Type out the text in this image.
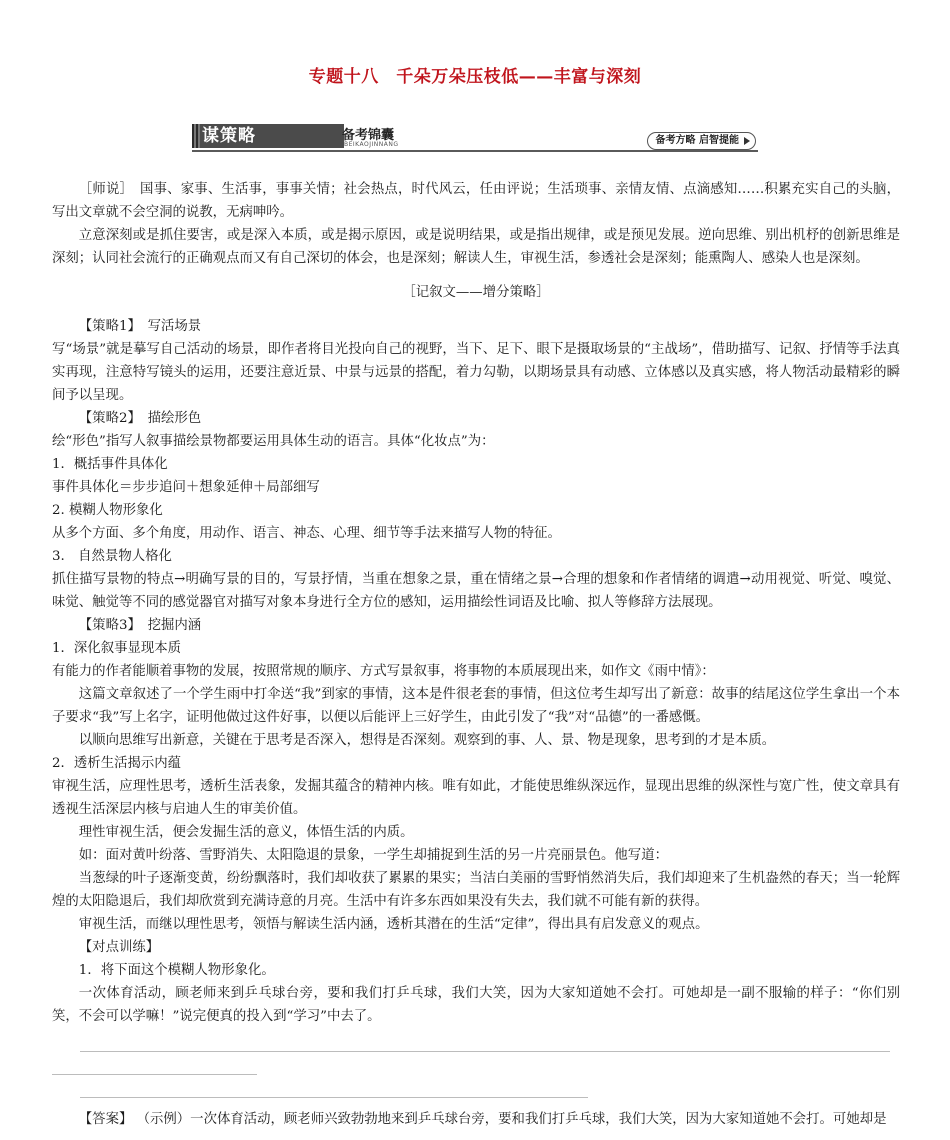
专题十八　千朵万朵压枝低——丰富与深刻
谋策略	备考锦囊
BEIKAOJINNANG	备考方略 启智提能

［师说］　国事、家事、生活事，事事关情；社会热点，时代风云，任由评说；生活琐事、亲情友情、点滴感知……积累充实自己的头脑，写出文章就不会空洞的说教，无病呻吟。

立意深刻或是抓住要害，或是深入本质，或是揭示原因，或是说明结果，或是指出规律，或是预见发展。逆向思维、别出机杼的创新思维是深刻；认同社会流行的正确观点而又有自己深切的体会，也是深刻；解读人生，审视生活，参透社会是深刻；能熏陶人、感染人也是深刻。

［记叙文——增分策略］

【策略1】　写活场景

写“场景”就是摹写自己活动的场景，即作者将目光投向自己的视野，当下、足下、眼下是摄取场景的“主战场”，借助描写、记叙、抒情等手法真实再现，注意特写镜头的运用，还要注意近景、中景与远景的搭配，着力勾勒，以期场景具有动感、立体感以及真实感，将人物活动最精彩的瞬间予以呈现。

【策略2】　描绘形色

绘“形色”指写人叙事描绘景物都要运用具体生动的语言。具体“化妆点”为：

1．概括事件具体化

事件具体化＝步步追问＋想象延伸＋局部细写

2. 模糊人物形象化

从多个方面、多个角度，用动作、语言、神态、心理、细节等手法来描写人物的特征。

3.　自然景物人格化

抓住描写景物的特点→明确写景的目的，写景抒情，当重在想象之景，重在情绪之景→合理的想象和作者情绪的调遣→动用视觉、听觉、嗅觉、味觉、触觉等不同的感觉器官对描写对象本身进行全方位的感知，运用描绘性词语及比喻、拟人等修辞方法展现。

【策略3】　挖掘内涵

1．深化叙事显现本质

有能力的作者能顺着事物的发展，按照常规的顺序、方式写景叙事，将事物的本质展现出来，如作文《雨中情》：

这篇文章叙述了一个学生雨中打伞送“我”到家的事情，这本是件很老套的事情，但这位考生却写出了新意：故事的结尾这位学生拿出一个本子要求“我”写上名字，证明他做过这件好事，以便以后能评上三好学生，由此引发了“我”对“品德”的一番感慨。

以顺向思维写出新意，关键在于思考是否深入，想得是否深刻。观察到的事、人、景、物是现象，思考到的才是本质。

2．透析生活揭示内蕴

审视生活，应理性思考，透析生活表象，发掘其蕴含的精神内核。唯有如此，才能使思维纵深远作，显现出思维的纵深性与宽广性，使文章具有透视生活深层内核与启迪人生的审美价值。

理性审视生活，便会发掘生活的意义，体悟生活的内质。

如：面对黄叶纷落、雪野消失、太阳隐退的景象，一学生却捕捉到生活的另一片亮丽景色。他写道：

当葱绿的叶子逐渐变黄，纷纷飘落时，我们却收获了累累的果实；当洁白美丽的雪野悄然消失后，我们却迎来了生机盎然的春天；当一轮辉煌的太阳隐退后，我们却欣赏到充满诗意的月亮。生活中有许多东西如果没有失去，我们就不可能有新的获得。

审视生活，而继以理性思考，领悟与解读生活内涵，透析其潜在的生活“定律”，得出具有启发意义的观点。

【对点训练】

1．将下面这个模糊人物形象化。

一次体育活动，顾老师来到乒乓球台旁，要和我们打乒乓球，我们大笑，因为大家知道她不会打。可她却是一副不服输的样子：“你们别笑，不会可以学嘛！”说完便真的投入到“学习”中去了。

【答案】 （示例）一次体育活动，顾老师兴致勃勃地来到乒乓球台旁，要和我们打乒乓球，我们大笑，因为大家知道她不会打。可她却是
